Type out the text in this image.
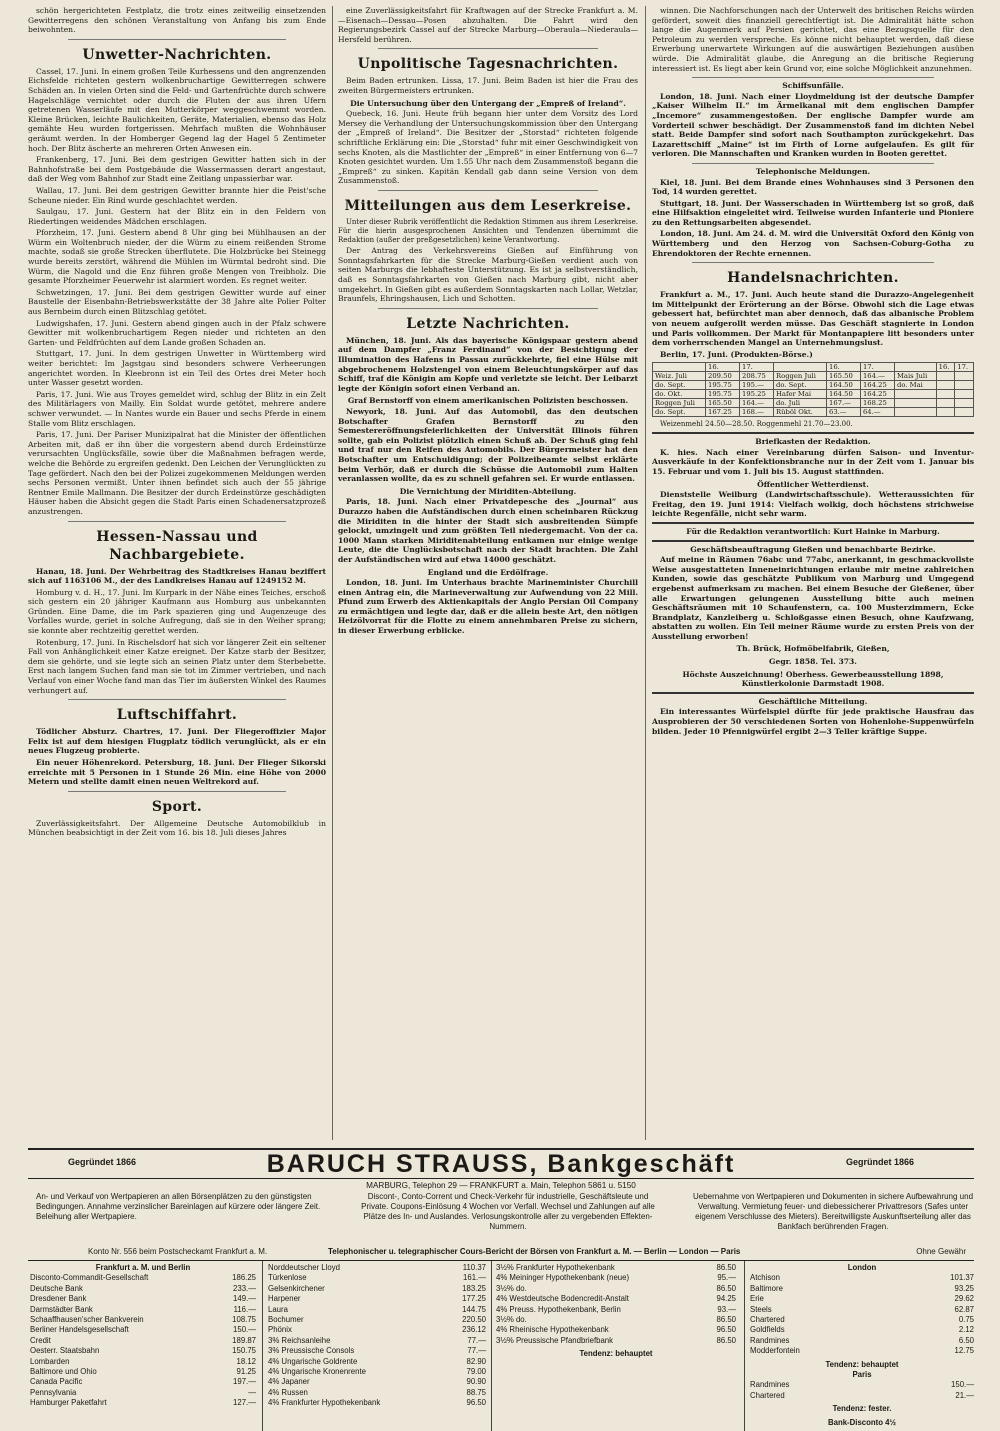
schön hergerichteten Festplatz, die trotz eines zeitweilig einsetzenden Gewitterregens den schönen Veranstaltung von Anfang bis zum Ende beiwohnten.

Unwetter-Nachrichten.

Cassel, 17. Juni. In einem großen Teile Kurhessens und den angrenzenden Eichsfelde richteten gestern wolkenbruchartige Gewitterregen schwere Schäden an. In vielen Orten sind die Feld- und Gartenfrüchte durch schwere Hagelschläge vernichtet oder durch die Fluten der aus ihren Ufern getretenen Wasserläufe mit den Mutterkörper weggeschwemmt worden. Kleine Brücken, leichte Baulichkeiten, Geräte, Materialien, ebenso das Holz gemähte Heu wurden fortgerissen. Mehrfach mußten die Wohnhäuser geräumt werden. In der Homberger Gegend lag der Hagel 5 Zentimeter hoch. Der Blitz äscherte an mehreren Orten Anwesen ein.

Frankenberg, 17. Juni. Bei dem gestrigen Gewitter hatten sich in der Bahnhofstraße bei dem Postgebäude die Wassermassen derart angestaut, daß der Weg vom Bahnhof zur Stadt eine Zeitlang unpassierbar war.

Wallau, 17. Juni. Bei dem gestrigen Gewitter brannte hier die Peist'sche Scheune nieder. Ein Rind wurde geschlachtet werden.

Saulgau, 17. Juni. Gestern hat der Blitz ein in den Feldern von Riedertingen weidendes Mädchen erschlagen.

Pforzheim, 17. Juni. Gestern abend 8 Uhr ging bei Mühlhausen an der Würm ein Woltenbruch nieder, der die Würm zu einem reißenden Strome machte, sodaß sie große Strecken überflutete. Die Holzbrücke bei Steinegg wurde bereits zerstört, während die Mühlen im Würmtal bedroht sind. Die Würm, die Nagold und die Enz führen große Mengen von Treibholz. Die gesamte Pforzheimer Feuerwehr ist alarmiert worden. Es regnet weiter.

Schwetzingen, 17. Juni. Bei dem gestrigen Gewitter wurde auf einer Baustelle der Eisenbahn-Betriebswerkstätte der 38 Jahre alte Polier Polter aus Bernbeim durch einen Blitzschlag getötet.

Ludwigshafen, 17. Juni. Gestern abend gingen auch in der Pfalz schwere Gewitter mit wolkenbruchartigem Regen nieder und richteten an den Garten- und Feldfrüchten auf dem Lande großen Schaden an.

Stuttgart, 17. Juni. In dem gestrigen Unwetter in Württemberg wird weiter berichtet: Im Jagstgau sind besonders schwere Verheerungen angerichtet worden. In Kleebronn ist ein Teil des Ortes drei Meter hoch unter Wasser gesetzt worden.

Paris, 17. Juni. Wie aus Troyes gemeldet wird, schlug der Blitz in ein Zelt des Militärlagers von Mailly. Ein Soldat wurde getötet, mehrere andere schwer verwundet. — In Nantes wurde ein Bauer und sechs Pferde in einem Stalle vom Blitz erschlagen.

Paris, 17. Juni. Der Pariser Munizipalrat hat die Minister der öffentlichen Arbeiten mit, daß er ihn über die vorgestern abend durch Erdeinstürze verursachten Unglücksfälle, sowie über die Maßnahmen befragen werde, welche die Behörde zu ergreifen gedenkt. Den Leichen der Verunglückten zu Tage gefördert. Nach den bei der Polizei zugekommenen Meldungen werden sechs Personen vermißt. Unter ihnen befindet sich auch der 55 jährige Rentner Emile Mallmann. Die Besitzer der durch Erdeinstürze geschädigten Häuser haben die Absicht gegen die Stadt Paris einen Schadenersatzprozeß anzustrengen.

Hessen-Nassau und Nachbargebiete.

Hanau, 18. Juni. Der Wehrbeitrag des Stadtkreises Hanau beziffert sich auf 1163106 M., der des Landkreises Hanau auf 1249152 M.

Homburg v. d. H., 17. Juni. Im Kurpark in der Nähe eines Teiches, erschoß sich gestern ein 20 jähriger Kaufmann aus Homburg aus unbekannten Gründen. Eine Dame, die im Park spazieren ging und Augenzeuge des Vorfalles wurde, geriet in solche Aufregung, daß sie in den Weiher sprang; sie konnte aber rechtzeitig gerettet werden.

Rotenburg, 17. Juni. In Rischelsdorf hat sich vor längerer Zeit ein seltener Fall von Anhänglichkeit einer Katze ereignet. Der Katze starb der Besitzer, dem sie gehörte, und sie legte sich an seinen Platz unter dem Sterbebette. Erst nach langem Suchen fand man sie tot im Zimmer vertrieben, und nach Verlauf von einer Woche fand man das Tier im äußersten Winkel des Raumes verhungert auf.

Luftschiffahrt.

Tödlicher Absturz. Chartres, 17. Juni. Der Fliegeroffizier Major Felix ist auf dem hiesigen Flugplatz tödlich verunglückt, als er ein neues Flugzeug probierte.

Ein neuer Höhenrekord. Petersburg, 18. Juni. Der Flieger Sikorski erreichte mit 5 Personen in 1 Stunde 26 Min. eine Höhe von 2000 Metern und stellte damit einen neuen Weltrekord auf.

Sport.

Zuverlässigkeitsfahrt. Der Allgemeine Deutsche Automobilklub in München beabsichtigt in der Zeit vom 16. bis 18. Juli dieses Jahres

eine Zuverlässigkeitsfahrt für Kraftwagen auf der Strecke Frankfurt a. M.—Eisenach—Dessau—Posen abzuhalten. Die Fahrt wird den Regierungsbezirk Cassel auf der Strecke Marburg—Oberaula—Niederaula—Hersfeld berühren.

Unpolitische Tagesnachrichten.

Beim Baden ertrunken. Lissa, 17. Juni. Beim Baden ist hier die Frau des zweiten Bürgermeisters ertrunken.

Die Untersuchung über den Untergang der „Empreß of Ireland“.

Quebeck, 16. Juni. Heute früh begann hier unter dem Vorsitz des Lord Mersey die Verhandlung der Untersuchungskommission über den Untergang der „Empreß of Ireland“. Die Besitzer der „Storstad“ richteten folgende schriftliche Erklärung ein: Die „Storstad“ fuhr mit einer Geschwindigkeit von sechs Knoten, als die Mastlichter der „Empreß“ in einer Entfernung von 6—7 Knoten gesichtet wurden. Um 1.55 Uhr nach dem Zusammenstoß begann die „Empreß“ zu sinken. Kapitän Kendall gab dann seine Version von dem Zusammenstoß.

Mitteilungen aus dem Leserkreise.

Unter dieser Rubrik veröffentlicht die Redaktion Stimmen aus ihrem Leserkreise. Für die hierin ausgesprochenen Ansichten und Tendenzen übernimmt die Redaktion (außer der preßgesetzlichen) keine Verantwortung.

Der Antrag des Verkehrsvereins Gießen auf Einführung von Sonntagsfahrkarten für die Strecke Marburg-Gießen verdient auch von seiten Marburgs die lebhafteste Unterstützung. Es ist ja selbstverständlich, daß es Sonntagsfahrkarten von Gießen nach Marburg gibt, nicht aber umgekehrt. In Gießen gibt es außerdem Sonntagskarten nach Lollar, Wetzlar, Braunfels, Ehringshausen, Lich und Schotten.

Letzte Nachrichten.

München, 18. Juni. Als das bayerische Königspaar gestern abend auf dem Dampfer „Franz Ferdinand“ von der Besichtigung der Illumination des Hafens in Passau zurückkehrte, fiel eine Hülse mit abgebrochenem Holzstengel von einem Beleuchtungskörper auf das Schiff, traf die Königin am Kopfe und verletzte sie leicht. Der Leibarzt legte der Königin sofort einen Verband an.

Graf Bernstorff von einem amerikanischen Polizisten beschossen.

Newyork, 18. Juni. Auf das Automobil, das den deutschen Botschafter Grafen Bernstorff zu den Semestereröffnungsfeierlichkeiten der Universität Illinois führen sollte, gab ein Polizist plötzlich einen Schuß ab. Der Schuß ging fehl und traf nur den Reifen des Automobils. Der Bürgermeister hat den Botschafter um Entschuldigung; der Polizeibeamte selbst erklärte beim Verhör, daß er durch die Schüsse die Automobil zum Halten veranlassen wollte, da es zu schnell gefahren sei. Er wurde entlassen.

Die Vernichtung der Miriditen-Abteilung.

Paris, 18. Juni. Nach einer Privatdepesche des „Journal“ aus Durazzo haben die Aufständischen durch einen scheinbaren Rückzug die Miriditen in die hinter der Stadt sich ausbreitenden Sümpfe gelockt, umzingelt und zum größten Teil niedergemacht. Von der ca. 1000 Mann starken Miriditenabteilung entkamen nur einige wenige Leute, die die Unglücksbotschaft nach der Stadt brachten. Die Zahl der Aufständischen wird auf etwa 14000 geschätzt.

England und die Erdölfrage.

London, 18. Juni. Im Unterhaus brachte Marineminister Churchill einen Antrag ein, die Marineverwaltung zur Aufwendung von 22 Mill. Pfund zum Erwerb des Aktienkapitals der Anglo Persian Oil Company zu ermächtigen und legte dar, daß er die allein beste Art, den nötigen Heizölvorrat für die Flotte zu einem annehmbaren Preise zu sichern, in dieser Erwerbung erblicke.

winnen. Die Nachforschungen nach der Unterwelt des britischen Reichs würden gefördert, soweit dies finanziell gerechtfertigt ist. Die Admiralität hätte schon lange die Augenmerk auf Persien gerichtet, das eine Bezugsquelle für den Petroleum zu werden verspreche. Es könne nicht behauptet werden, daß diese Erwerbung unerwartete Wirkungen auf die auswärtigen Beziehungen ausüben würde. Die Admiralität glaube, die Anregung an die britische Regierung interessiert ist. Es liegt aber kein Grund vor, eine solche Möglichkeit anzunehmen.

Schiffsunfälle.

London, 18. Juni. Nach einer Lloydmeldung ist der deutsche Dampfer „Kaiser Wilhelm II.“ im Ärmelkanal mit dem englischen Dampfer „Incemore“ zusammengestoßen. Der englische Dampfer wurde am Vorderteil schwer beschädigt. Der Zusammenstoß fand im dichten Nebel statt. Beide Dampfer sind sofort nach Southampton zurückgekehrt. Das Lazarettschiff „Maine“ ist im Firth of Lorne aufgelaufen. Es gilt für verloren. Die Mannschaften und Kranken wurden in Booten gerettet.

Telephonische Meldungen.

Kiel, 18. Juni. Bei dem Brande eines Wohnhauses sind 3 Personen den Tod, 14 wurden gerettet.

Stuttgart, 18. Juni. Der Wasserschaden in Württemberg ist so groß, daß eine Hilfsaktion eingeleitet wird. Teilweise wurden Infanterie und Pioniere zu den Rettungsarbeiten abgesendet.

London, 18. Juni. Am 24. d. M. wird die Universität Oxford den König von Württemberg und den Herzog von Sachsen-Coburg-Gotha zu Ehrendoktoren der Rechte ernennen.

Handelsnachrichten.

Frankfurt a. M., 17. Juni. Auch heute stand die Durazzo-Angelegenheit im Mittelpunkt der Erörterung an der Börse. Obwohl sich die Lage etwas gebessert hat, befürchtet man aber dennoch, daß das albanische Problem von neuem aufgerollt werden müsse. Das Geschäft stagnierte in London und Paris vollkommen. Der Markt für Montanpapiere litt besonders unter dem vorherrschenden Mangel an Unternehmungslust.

Berlin, 17. Juni. (Produkten-Börse.)

	16.	17.		16.	17.		16.	17.
Weiz. Juli	209.50	208.75	Roggen Juli	165.50	164.—	Mais Juli		
do. Sept.	195.75	195.—	do. Sept.	164.50	164.25	do. Mai		
do. Okt.	195.75	195.25	Hafer Mai	164.50	164.25			
Roggen Juli	165.50	164.—	do. Juli	167.—	168.25			
do. Sept.	167.25	168.—	Rüböl Okt.	63.—	64.—			

Weizenmehl 24.50—28.50. Roggenmehl 21.70—23.00.

Briefkasten der Redaktion.

K. hies. Nach einer Vereinbarung dürfen Saison- und Inventur-Ausverkäufe in der Konfektionsbranche nur in der Zeit vom 1. Januar bis 15. Februar und vom 1. Juli bis 15. August stattfinden.

Öffentlicher Wetterdienst.

Dienststelle Weilburg (Landwirtschaftsschule). Wetteraussichten für Freitag, den 19. Juni 1914: Vielfach wolkig, doch höchstens strichweise leichte Regenfälle, nicht sehr warm.

Für die Redaktion verantwortlich: Kurt Hainke in Marburg.

Geschäftsbeauftragung Gießen und benachbarte Bezirke.

Auf meine in Räumen 76abc und 77abc, anerkannt, in geschmackvollste Weise ausgestatteten Inneneinrichtungen erlaube mir meine zahlreichen Kunden, sowie das geschätzte Publikum von Marburg und Umgegend ergebenst aufmerksam zu machen. Bei einem Besuche der Gießener, über alle Erwartungen gelungenen Ausstellung bitte auch meinen Geschäftsräumen mit 10 Schaufenstern, ca. 100 Musterzimmern, Ecke Brandplatz, Kanzleiberg u. Schloßgasse einen Besuch, ohne Kaufzwang, abstatten zu wollen. Ein Teil meiner Räume wurde zu ersten Preis von der Ausstellung erworben!

Th. Brück, Hofmöbelfabrik, Gießen,

Gegr. 1858. Tel. 373.

Höchste Auszeichnung! Oberhess. Gewerbeausstellung 1898, Künstlerkolonie Darmstadt 1908.

Geschäftliche Mitteilung.

Ein interessantes Würfelspiel dürfte für jede praktische Hausfrau das Ausprobieren der 50 verschiedenen Sorten von Hohenlohe-Suppenwürfeln bilden. Jeder 10 Pfennigwürfel ergibt 2—3 Teller kräftige Suppe.

Gegründet 1866	BARUCH STRAUSS, Bankgeschäft	Gegründet 1866
MARBURG, Telephon 29 — FRANKFURT a. Main, Telephon 5861 u. 5150
An- und Verkauf von Wertpapieren an allen Börsenplätzen zu den günstigsten Bedingungen. Annahme verzinslicher Bareinlagen auf kürzere oder längere Zeit. Beleihung aller Wertpapiere.
Discont-, Conto-Corrent und Check-Verkehr für industrielle, Geschäftsleute und Private. Coupons-Einlösung 4 Wochen vor Verfall. Wechsel und Zahlungen auf alle Plätze des In- und Auslandes. Verlosungskontrolle aller zu vergebenden Effekten-Nummern.
Uebernahme von Wertpapieren und Dokumenten in sichere Aufbewahrung und Verwaltung. Vermietung feuer- und diebessicherer Privattresors (Safes unter eigenem Verschlusse des Mieters). Bereitwilligste Auskunftserteilung aller das Bankfach berührenden Fragen.
Konto Nr. 556 beim Postscheckamt Frankfurt a. M.	Telephonischer u. telegraphischer Cours-Bericht der Börsen von Frankfurt a. M. — Berlin — London — Paris	Ohne Gewähr
Frankfurt a. M. und Berlin
Disconto-Commandit-Gesellschaft	186.25
Deutsche Bank	233.—
Dresdener Bank	149.—
Darmstädter Bank	116.—
Schaaffhausen'scher Bankverein	108.75
Berliner Handelsgesellschaft	150.—
Credit	189.87
Oesterr. Staatsbahn	150.75
Lombarden	18.12
Baltimore und Ohio	91.25
Canada Pacific	197.—
Pennsylvania	—
Hamburger Paketfahrt	127.—
Norddeutscher Lloyd	110.37
Türkenlose	161.—
Gelsenkirchener	183.25
Harpener	177.25
Laura	144.75
Bochumer	220.50
Phönix	236.12
3% Reichsanleihe	77.—
3% Preussische Consols	77.—
4% Ungarische Goldrente	82.90
4% Ungarische Kronenrente	79.00
4% Japaner	90.90
4% Russen	88.75
4% Frankfurter Hypothekenbank	96.50
3½% Frankfurter Hypothekenbank	86.50
4% Meininger Hypothekenbank (neue)	95.—
3½% do.	86.50
4% Westdeutsche Bodencredit-Anstalt	94.25
4% Preuss. Hypothekenbank, Berlin	93.—
3½% do.	86.50
4% Rheinische Hypothekenbank	96.50
3½% Preussische Pfandbriefbank	86.50
Tendenz: behauptet
London
Atchison	101.37
Baltimore	93.25
Erie	29.62
Steels	62.87
Chartered	0.75
Goldfields	2.12
Randmines	6.50
Modderfontein	12.75
Tendenz: behauptet
Paris
Randmines	150.—
Chartered	21.—
Tendenz: fester.
Bank-Disconto 4½
